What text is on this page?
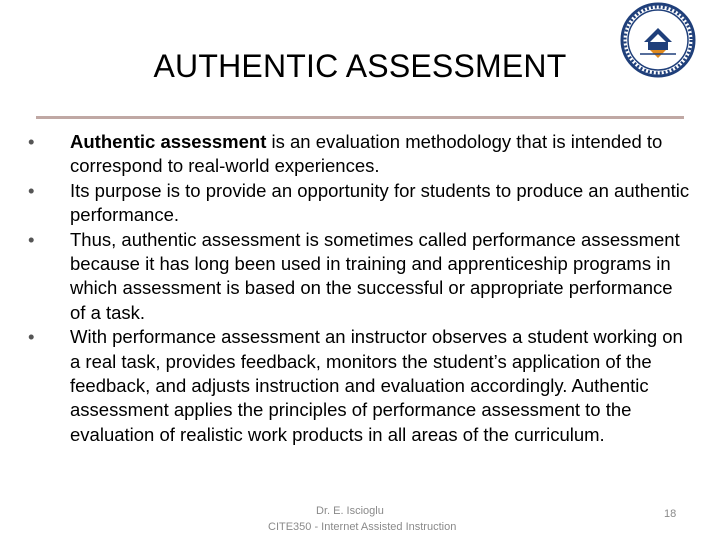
AUTHENTIC ASSESSMENT
•	Authentic assessment is an evaluation methodology that is intended to correspond to real-world experiences.
•	Its purpose is to provide an opportunity for students to produce an authentic performance.
•	Thus, authentic assessment is sometimes called performance assessment because it has long been used in training and apprenticeship programs in which assessment is based on the successful or appropriate performance of a task.
•	With performance assessment an instructor observes a student working on a real task, provides feedback, monitors the student’s application of the feedback, and adjusts instruction and evaluation accordingly. Authentic assessment applies the principles of performance assessment to the evaluation of realistic work products in all areas of the curriculum.
Dr. E. Iscioglu
CITE350 - Internet Assisted Instruction
18
